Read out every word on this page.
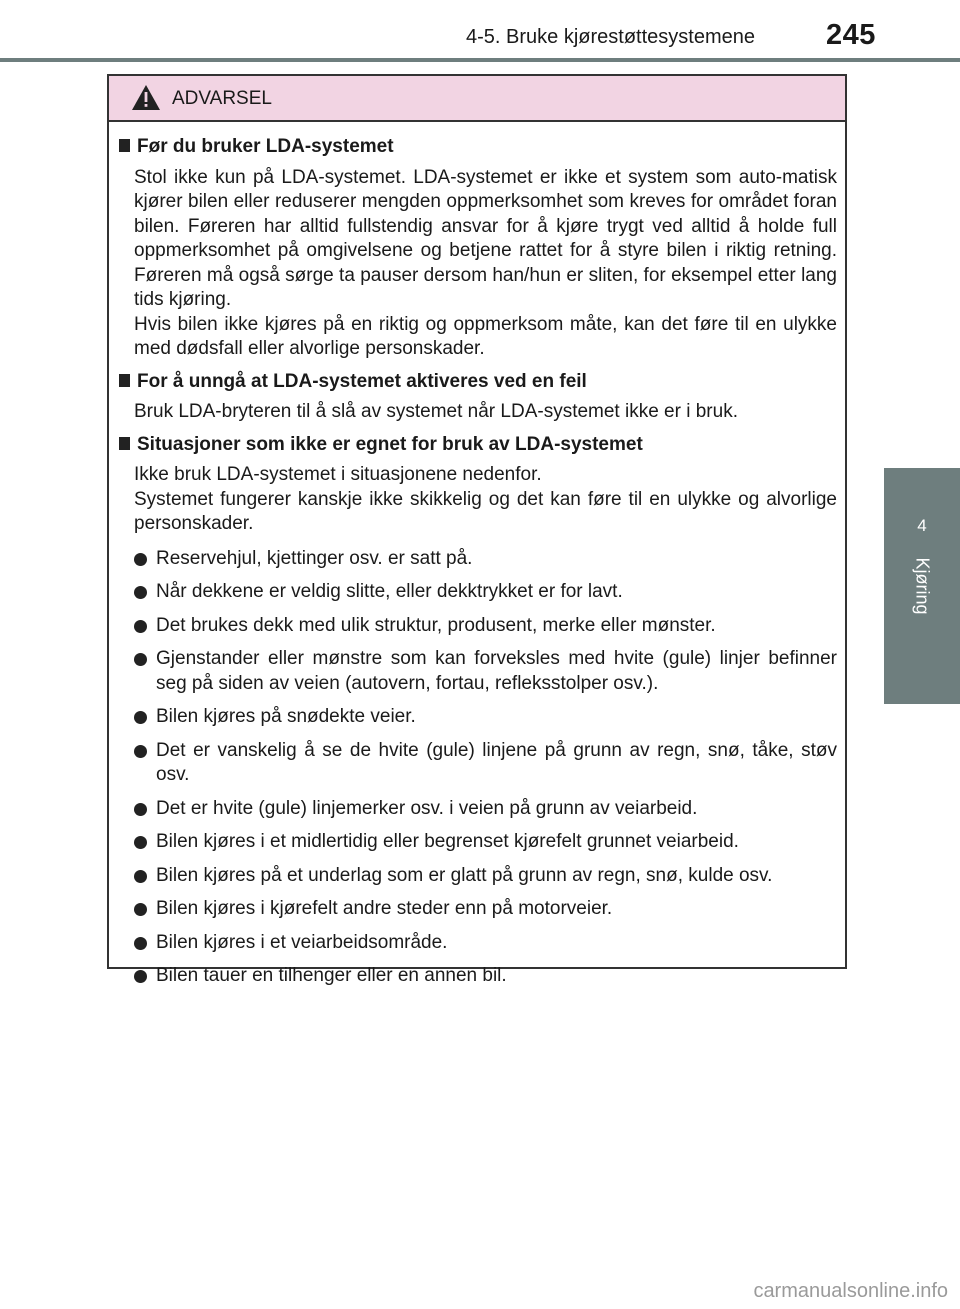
4-5. Bruke kjørestøttesystemene 245
4
Kjøring
ADVARSEL
Før du bruker LDA-systemet
Stol ikke kun på LDA-systemet. LDA-systemet er ikke et system som auto-matisk kjører bilen eller reduserer mengden oppmerksomhet som kreves for området foran bilen. Føreren har alltid fullstendig ansvar for å kjøre trygt ved alltid å holde full oppmerksomhet på omgivelsene og betjene rattet for å styre bilen i riktig retning. Føreren må også sørge ta pauser dersom han/hun er sliten, for eksempel etter lang tids kjøring.
Hvis bilen ikke kjøres på en riktig og oppmerksom måte, kan det føre til en ulykke med dødsfall eller alvorlige personskader.
For å unngå at LDA-systemet aktiveres ved en feil
Bruk LDA-bryteren til å slå av systemet når LDA-systemet ikke er i bruk.
Situasjoner som ikke er egnet for bruk av LDA-systemet
Ikke bruk LDA-systemet i situasjonene nedenfor.
Systemet fungerer kanskje ikke skikkelig og det kan føre til en ulykke og alvorlige personskader.
Reservehjul, kjettinger osv. er satt på.
Når dekkene er veldig slitte, eller dekktrykket er for lavt.
Det brukes dekk med ulik struktur, produsent, merke eller mønster.
Gjenstander eller mønstre som kan forveksles med hvite (gule) linjer befinner seg på siden av veien (autovern, fortau, refleksstolper osv.).
Bilen kjøres på snødekte veier.
Det er vanskelig å se de hvite (gule) linjene på grunn av regn, snø, tåke, støv osv.
Det er hvite (gule) linjemerker osv. i veien på grunn av veiarbeid.
Bilen kjøres i et midlertidig eller begrenset kjørefelt grunnet veiarbeid.
Bilen kjøres på et underlag som er glatt på grunn av regn, snø, kulde osv.
Bilen kjøres i kjørefelt andre steder enn på motorveier.
Bilen kjøres i et veiarbeidsområde.
Bilen tauer en tilhenger eller en annen bil.
carmanualsonline.info
